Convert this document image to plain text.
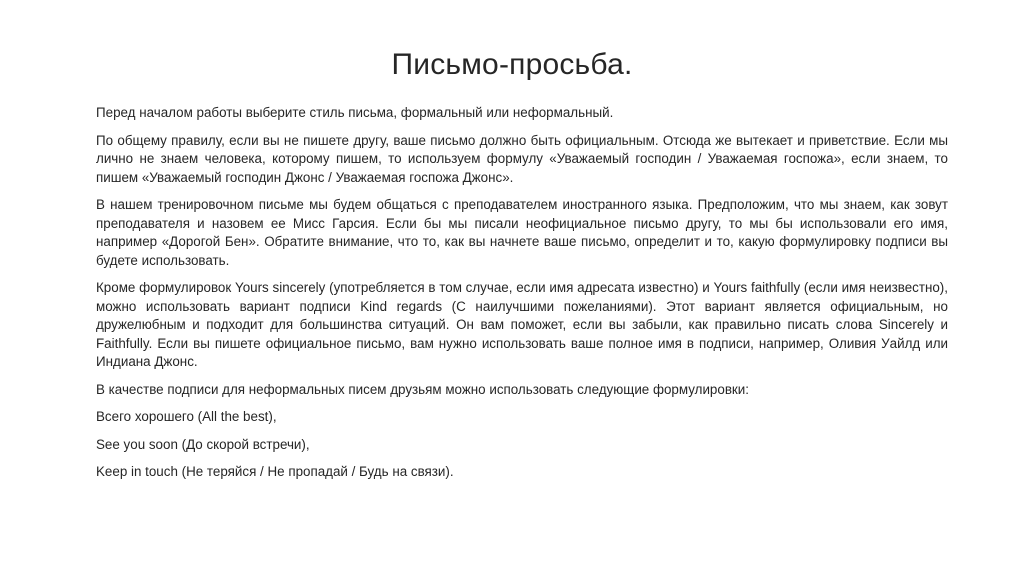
Письмо-просьба.

Перед началом работы выберите стиль письма, формальный или неформальный.

По общему правилу, если вы не пишете другу, ваше письмо должно быть официальным. Отсюда же вытекает и приветствие. Если мы лично не знаем человека, которому пишем, то используем формулу «Уважаемый господин / Уважаемая госпожа», если знаем, то пишем «Уважаемый господин Джонс / Уважаемая госпожа Джонс».

В нашем тренировочном письме мы будем общаться с преподавателем иностранного языка. Предположим, что мы знаем, как зовут преподавателя и назовем ее Мисс Гарсия. Если бы мы писали неофициальное письмо другу, то мы бы использовали его имя, например «Дорогой Бен». Обратите внимание, что то, как вы начнете ваше письмо, определит и то, какую формулировку подписи вы будете использовать.

Кроме формулировок Yours sincerely (употребляется в том случае, если имя адресата известно) и Yours faithfully (если имя неизвестно), можно использовать вариант подписи Kind regards (С наилучшими пожеланиями). Этот вариант является официальным, но дружелюбным и подходит для большинства ситуаций. Он вам поможет, если вы забыли, как правильно писать слова Sincerely и Faithfully. Если вы пишете официальное письмо, вам нужно использовать ваше полное имя в подписи, например, Оливия Уайлд или Индиана Джонс.

В качестве подписи для неформальных писем друзьям можно использовать следующие формулировки:

Всего хорошего (All the best),

See you soon (До скорой встречи),

Keep in touch (Не теряйся / Не пропадай / Будь на связи).
